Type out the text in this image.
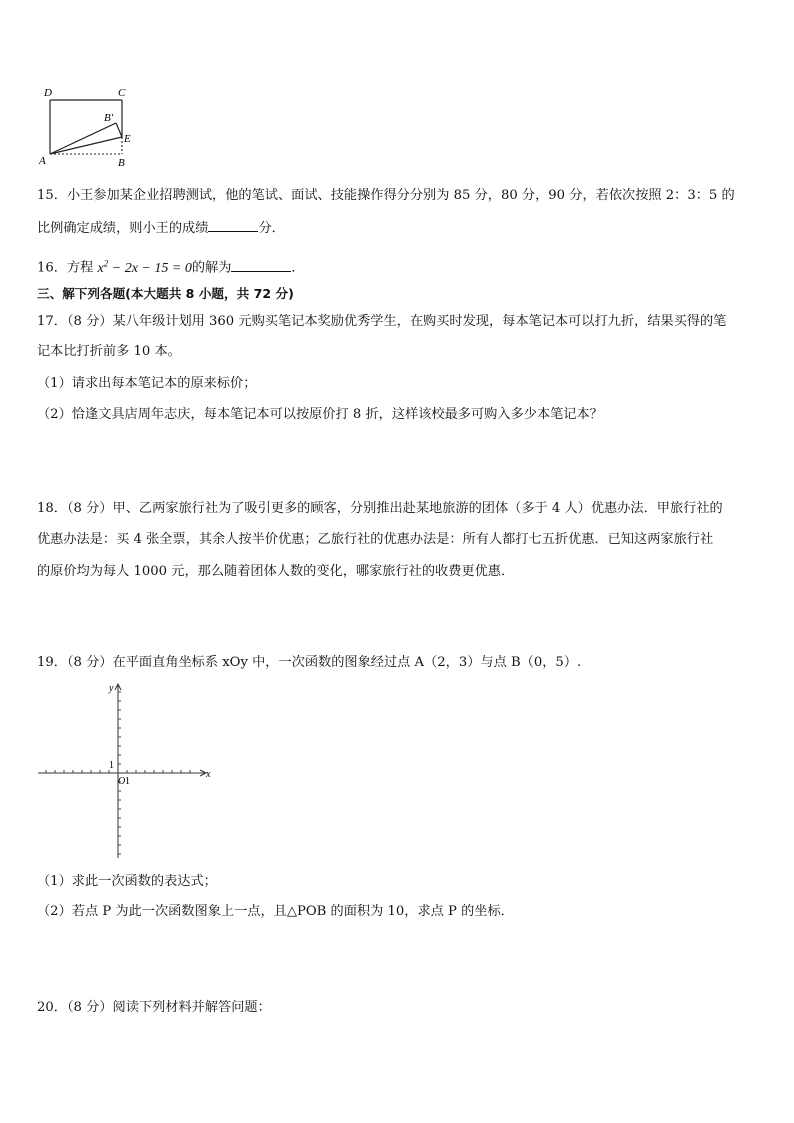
D	C
B′
E
A	B
15．小王参加某企业招聘测试，他的笔试、面试、技能操作得分分别为 85 分，80 分，90 分，若依次按照 2：3：5 的
比例确定成绩，则小王的成绩	分．
16．方程 $x^2 - 2x - 15 = 0$的解为	．
三、解下列各题(本大题共 8 小题，共 72 分)
17．（8 分）某八年级计划用 360 元购买笔记本奖励优秀学生，在购买时发现，每本笔记本可以打九折，结果买得的笔
记本比打折前多 10 本。
（1）请求出每本笔记本的原来标价；
（2）恰逢文具店周年志庆，每本笔记本可以按原价打 8 折，这样该校最多可购入多少本笔记本？
18．（8 分）甲、乙两家旅行社为了吸引更多的顾客，分别推出赴某地旅游的团体（多于 4 人）优惠办法．甲旅行社的
优惠办法是：买 4 张全票，其余人按半价优惠；乙旅行社的优惠办法是：所有人都打七五折优惠．已知这两家旅行社
的原价均为每人 1000 元，那么随着团体人数的变化，哪家旅行社的收费更优惠．
19．（8 分）在平面直角坐标系 xOy 中，一次函数的图象经过点 A（2，3）与点 B（0，5）.
x
y
O 1
1
（1）求此一次函数的表达式；
（2）若点 P 为此一次函数图象上一点，且△POB 的面积为 10，求点 P 的坐标．
20．（8 分）阅读下列材料并解答问题：
